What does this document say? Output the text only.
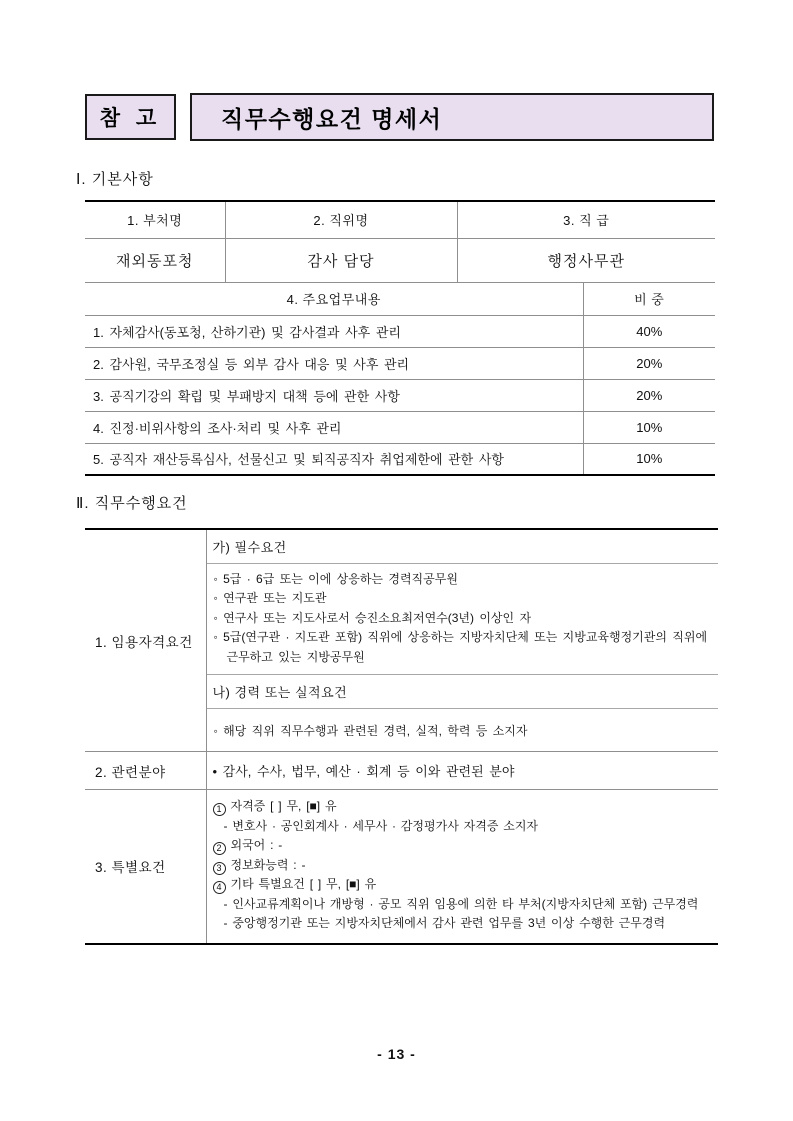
참 고	직무수행요건 명세서
Ⅰ. 기본사항
1. 부처명	2. 직위명	3. 직 급	
재외동포청	감사 담당	행정사무관	
4. 주요업무내용			비 중
1. 자체감사(동포청, 산하기관) 및 감사결과 사후 관리			40%
2. 감사원, 국무조정실 등 외부 감사 대응 및 사후 관리			20%
3. 공직기강의 확립 및 부패방지 대책 등에 관한 사항			20%
4. 진정·비위사항의 조사·처리 및 사후 관리			10%
5. 공직자 재산등록심사, 선물신고 및 퇴직공직자 취업제한에 관한 사항			10%
Ⅱ. 직무수행요건
1. 임용자격요건	가) 필수요건

	◦ 5급 · 6급 또는 이에 상응하는 경력직공무원
◦ 연구관 또는 지도관
◦ 연구사 또는 지도사로서 승진소요최저연수(3년) 이상인 자
◦ 5급(연구관 · 지도관 포함) 직위에 상응하는 지방자치단체 또는 지방교육행정기관의 직위에 근무하고 있는 지방공무원

	나) 경력 또는 실적요건
	◦ 해당 직위 직무수행과 관련된 경력, 실적, 학력 등 소지자
2. 관련분야	• 감사, 수사, 법무, 예산 · 회계 등 이와 관련된 분야
3. 특별요건	
1 자격증 [ ] 무, [■] 유
- 변호사 · 공인회계사 · 세무사 · 감정평가사 자격증 소지자
2 외국어 : -
3 정보화능력 : -
4 기타 특별요건 [ ] 무, [■] 유
- 인사교류계획이나 개방형 · 공모 직위 임용에 의한 타 부처(지방자치단체 포함) 근무경력
- 중앙행정기관 또는 지방자치단체에서 감사 관련 업무를 3년 이상 수행한 근무경력
- 13 -
